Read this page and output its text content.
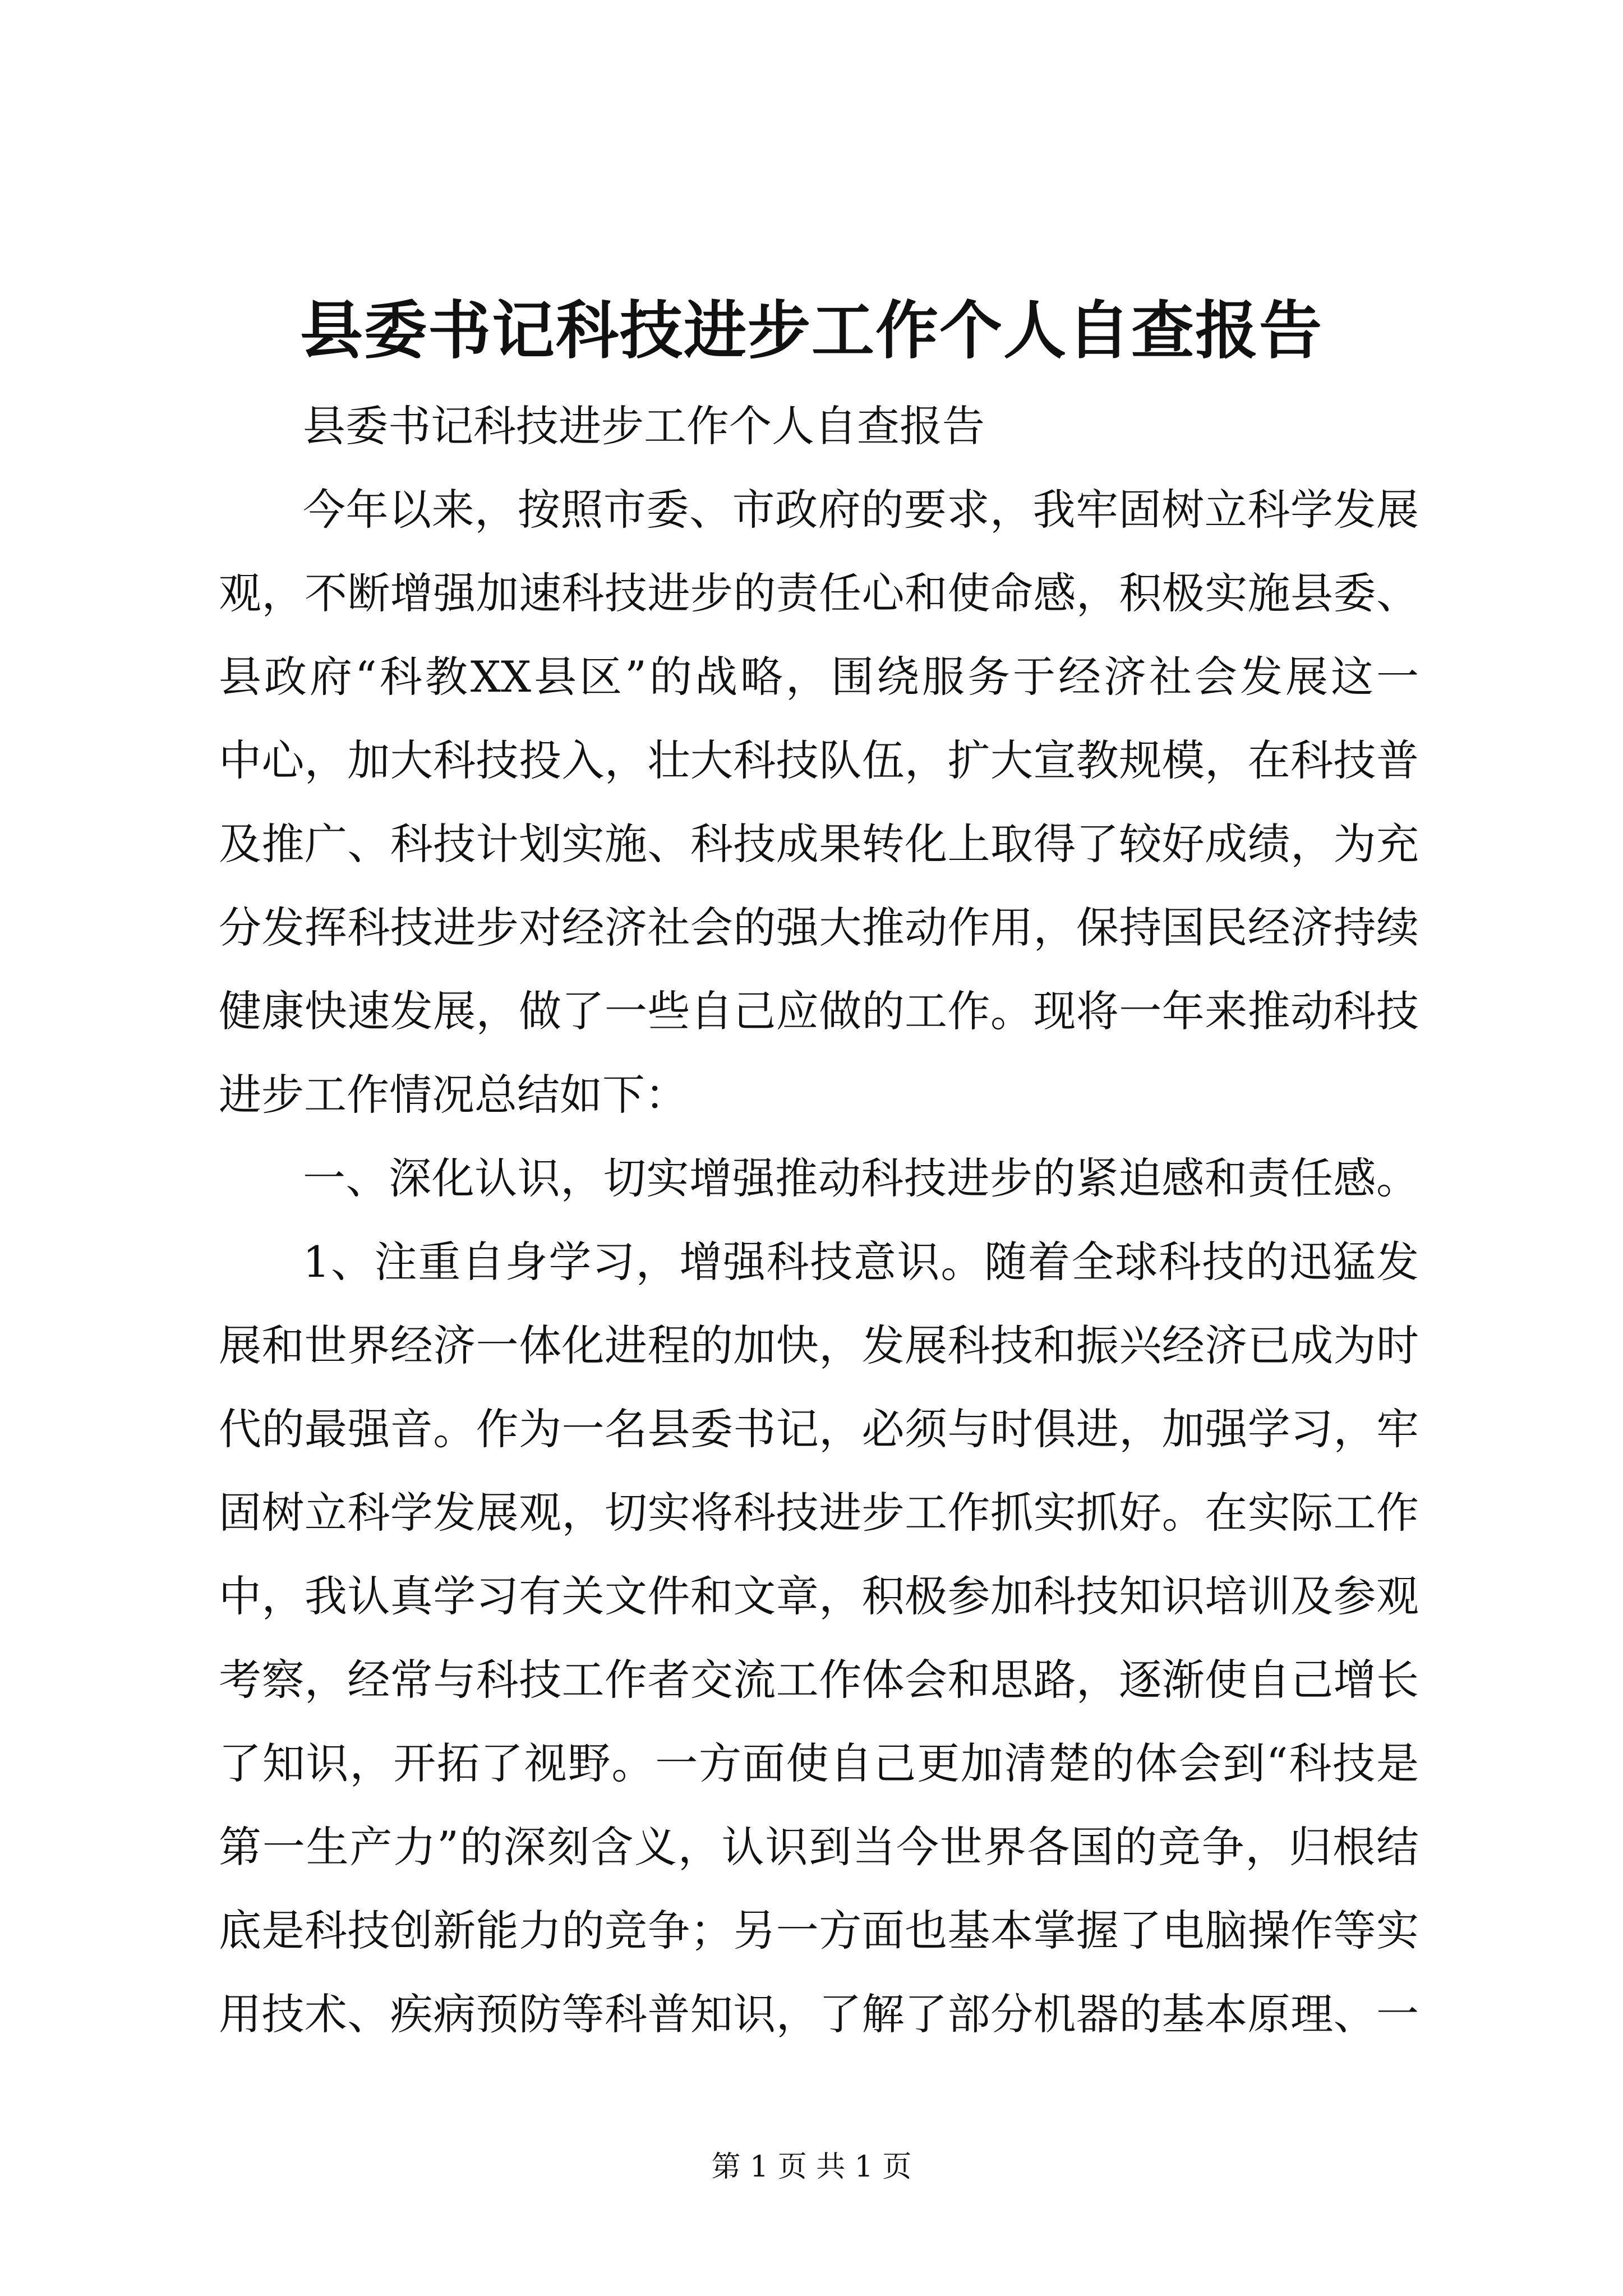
县委书记科技进步工作个人自查报告
县委书记科技进步工作个人自查报告
今年以来，按照市委、市政府的要求，我牢固树立科学发展
观，不断增强加速科技进步的责任心和使命感，积极实施县委、
县政府“科教XX县区”的战略，围绕服务于经济社会发展这一
中心，加大科技投入，壮大科技队伍，扩大宣教规模，在科技普
及推广、科技计划实施、科技成果转化上取得了较好成绩，为充
分发挥科技进步对经济社会的强大推动作用，保持国民经济持续
健康快速发展，做了一些自己应做的工作。现将一年来推动科技
进步工作情况总结如下：
一、深化认识，切实增强推动科技进步的紧迫感和责任感。
1、注重自身学习，增强科技意识。随着全球科技的迅猛发
展和世界经济一体化进程的加快，发展科技和振兴经济已成为时
代的最强音。作为一名县委书记，必须与时俱进，加强学习，牢
固树立科学发展观，切实将科技进步工作抓实抓好。在实际工作
中，我认真学习有关文件和文章，积极参加科技知识培训及参观
考察，经常与科技工作者交流工作体会和思路，逐渐使自己增长
了知识，开拓了视野。一方面使自己更加清楚的体会到“科技是
第一生产力”的深刻含义，认识到当今世界各国的竞争，归根结
底是科技创新能力的竞争；另一方面也基本掌握了电脑操作等实
用技术、疾病预防等科普知识，了解了部分机器的基本原理、一
第 1 页 共 1 页
